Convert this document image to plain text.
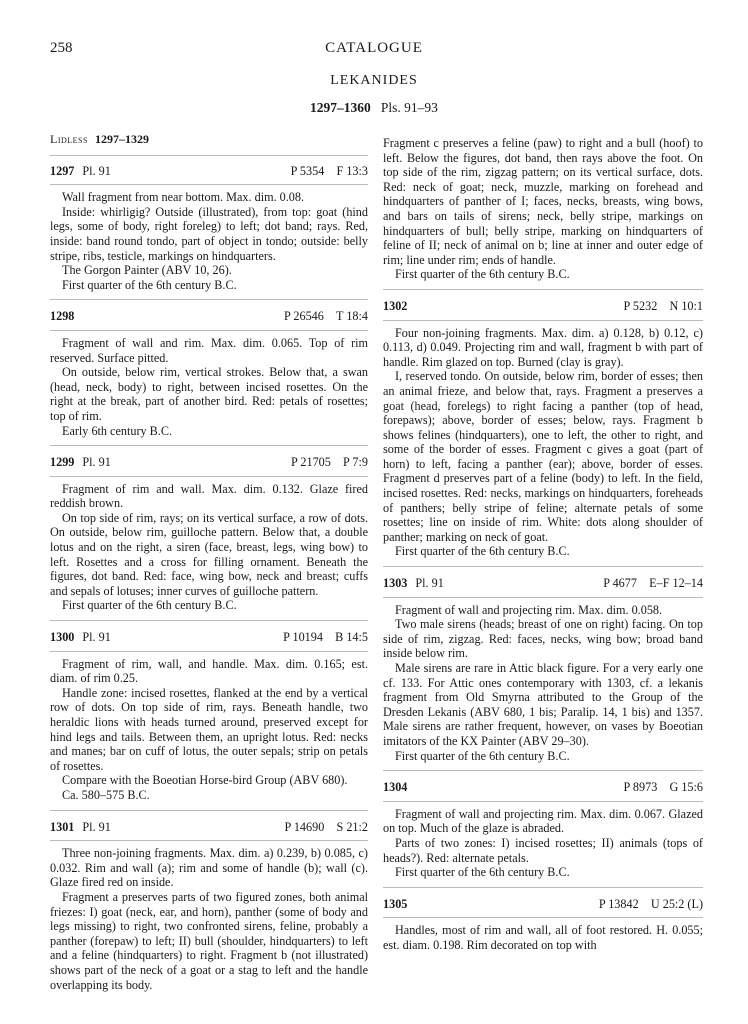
258	CATALOGUE
LEKANIDES
1297–1360 Pls. 91–93
Lidless 1297–1329
1297 Pl. 91	P 5354 F 13:3

Wall fragment from near bottom. Max. dim. 0.08.

Inside: whirligig? Outside (illustrated), from top: goat (hind legs, some of body, right foreleg) to left; dot band; rays. Red, inside: band round tondo, part of object in tondo; outside: belly stripe, ribs, testicle, markings on hindquarters.

The Gorgon Painter (ABV 10, 26).

First quarter of the 6th century B.C.

1298	P 26546 T 18:4

Fragment of wall and rim. Max. dim. 0.065. Top of rim reserved. Surface pitted.

On outside, below rim, vertical strokes. Below that, a swan (head, neck, body) to right, between incised rosettes. On the right at the break, part of another bird. Red: petals of rosettes; top of rim.

Early 6th century B.C.

1299 Pl. 91	P 21705 P 7:9

Fragment of rim and wall. Max. dim. 0.132. Glaze fired reddish brown.

On top side of rim, rays; on its vertical surface, a row of dots. On outside, below rim, guilloche pattern. Below that, a double lotus and on the right, a siren (face, breast, legs, wing bow) to left. Rosettes and a cross for filling ornament. Beneath the figures, dot band. Red: face, wing bow, neck and breast; cuffs and sepals of lotuses; inner curves of guilloche pattern.

First quarter of the 6th century B.C.

1300 Pl. 91	P 10194 B 14:5

Fragment of rim, wall, and handle. Max. dim. 0.165; est. diam. of rim 0.25.

Handle zone: incised rosettes, flanked at the end by a vertical row of dots. On top side of rim, rays. Beneath handle, two heraldic lions with heads turned around, preserved except for hind legs and tails. Between them, an upright lotus. Red: necks and manes; bar on cuff of lotus, the outer sepals; strip on petals of rosettes.

Compare with the Boeotian Horse-bird Group (ABV 680).

Ca. 580–575 B.C.

1301 Pl. 91	P 14690 S 21:2

Three non-joining fragments. Max. dim. a) 0.239, b) 0.085, c) 0.032. Rim and wall (a); rim and some of handle (b); wall (c). Glaze fired red on inside.

Fragment a preserves parts of two figured zones, both animal friezes: I) goat (neck, ear, and horn), panther (some of body and legs missing) to right, two confronted sirens, feline, probably a panther (forepaw) to left; II) bull (shoulder, hindquarters) to left and a feline (hindquarters) to right. Fragment b (not illustrated) shows part of the neck of a goat or a stag to left and the handle overlapping its body.

Fragment c preserves a feline (paw) to right and a bull (hoof) to left. Below the figures, dot band, then rays above the foot. On top side of the rim, zigzag pattern; on its vertical surface, dots. Red: neck of goat; neck, muzzle, marking on forehead and hindquarters of panther of I; faces, necks, breasts, wing bows, and bars on tails of sirens; neck, belly stripe, markings on hindquarters of bull; belly stripe, marking on hindquarters of feline of II; neck of animal on b; line at inner and outer edge of rim; line under rim; ends of handle.

First quarter of the 6th century B.C.

1302	P 5232 N 10:1

Four non-joining fragments. Max. dim. a) 0.128, b) 0.12, c) 0.113, d) 0.049. Projecting rim and wall, fragment b with part of handle. Rim glazed on top. Burned (clay is gray).

I, reserved tondo. On outside, below rim, border of esses; then an animal frieze, and below that, rays. Fragment a preserves a goat (head, forelegs) to right facing a panther (top of head, forepaws); above, border of esses; below, rays. Fragment b shows felines (hindquarters), one to left, the other to right, and some of the border of esses. Fragment c gives a goat (part of horn) to left, facing a panther (ear); above, border of esses. Fragment d preserves part of a feline (body) to left. In the field, incised rosettes. Red: necks, markings on hindquarters, foreheads of panthers; belly stripe of feline; alternate petals of some rosettes; line on inside of rim. White: dots along shoulder of panther; marking on neck of goat.

First quarter of the 6th century B.C.

1303 Pl. 91	P 4677 E–F 12–14

Fragment of wall and projecting rim. Max. dim. 0.058.

Two male sirens (heads; breast of one on right) facing. On top side of rim, zigzag. Red: faces, necks, wing bow; broad band inside below rim.

Male sirens are rare in Attic black figure. For a very early one cf. 133. For Attic ones contemporary with 1303, cf. a lekanis fragment from Old Smyrna attributed to the Group of the Dresden Lekanis (ABV 680, 1 bis; Paralip. 14, 1 bis) and 1357. Male sirens are rather frequent, however, on vases by Boeotian imitators of the KX Painter (ABV 29–30).

First quarter of the 6th century B.C.

1304	P 8973 G 15:6

Fragment of wall and projecting rim. Max. dim. 0.067. Glazed on top. Much of the glaze is abraded.

Parts of two zones: I) incised rosettes; II) animals (tops of heads?). Red: alternate petals.

First quarter of the 6th century B.C.

1305	P 13842 U 25:2 (L)

Handles, most of rim and wall, all of foot restored. H. 0.055; est. diam. 0.198. Rim decorated on top with
